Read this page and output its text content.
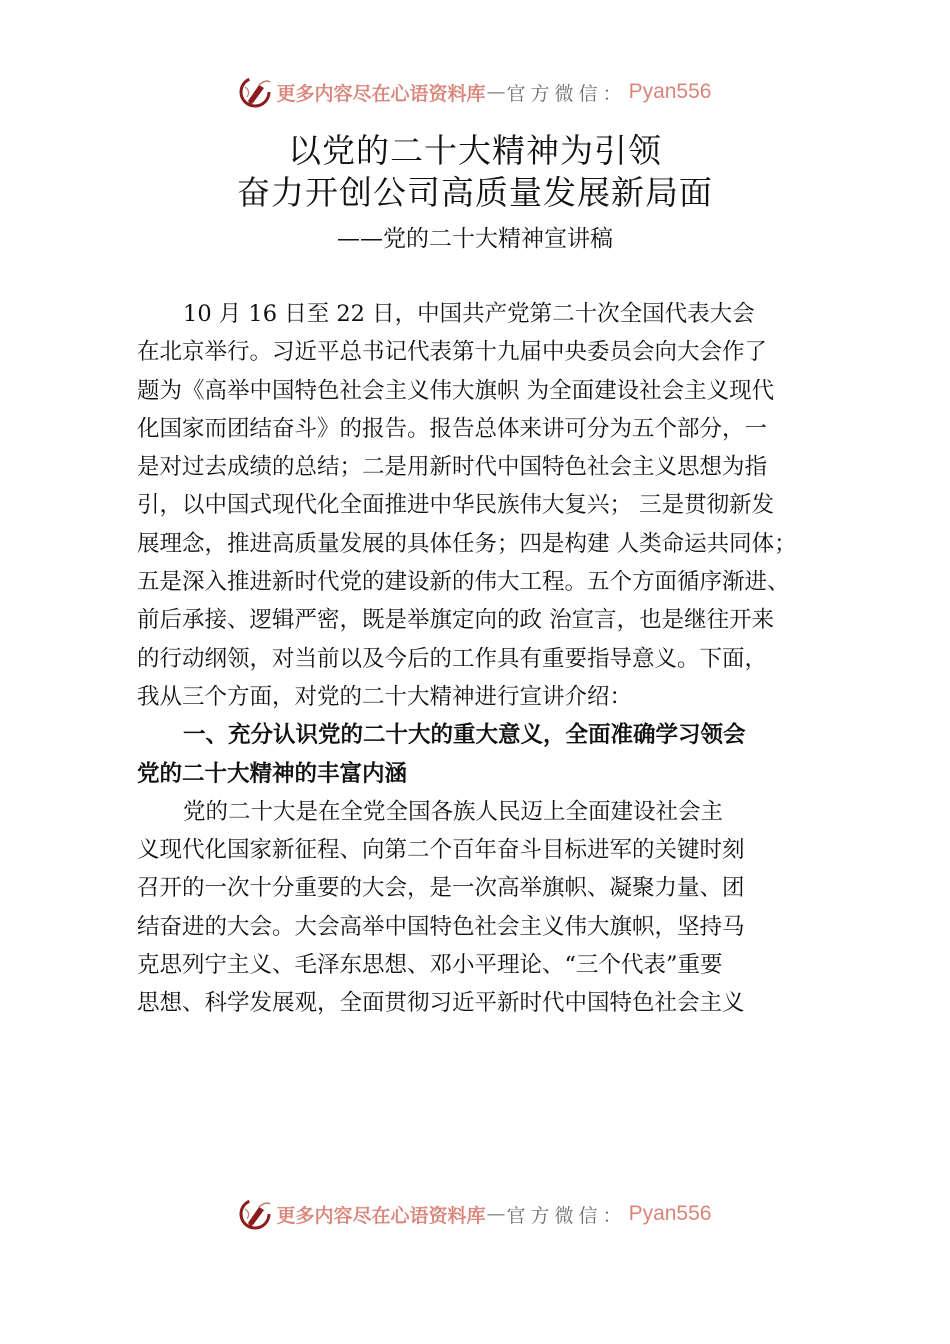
更多内容尽在心语资料库 — 官方微信： Pyan556
以党的二十大精神为引领
奋力开创公司高质量发展新局面
——党的二十大精神宣讲稿

10 月 16 日至 22 日，中国共产党第二十次全国代表大会
在北京举行。习近平总书记代表第十九届中央委员会向大会作了
题为《高举中国特色社会主义伟大旗帜 为全面建设社会主义现代
化国家而团结奋斗》的报告。报告总体来讲可分为五个部分，一
是对过去成绩的总结；二是用新时代中国特色社会主义思想为指
引，以中国式现代化全面推进中华民族伟大复兴； 三是贯彻新发
展理念，推进高质量发展的具体任务；四是构建 人类命运共同体；
五是深入推进新时代党的建设新的伟大工程。五个方面循序渐进、
前后承接、逻辑严密，既是举旗定向的政 治宣言，也是继往开来
的行动纲领，对当前以及今后的工作具有重要指导意义。下面，
我从三个方面，对党的二十大精神进行宣讲介绍：

一、充分认识党的二十大的重大意义，全面准确学习领会
党的二十大精神的丰富内涵

党的二十大是在全党全国各族人民迈上全面建设社会主
义现代化国家新征程、向第二个百年奋斗目标进军的关键时刻
召开的一次十分重要的大会，是一次高举旗帜、凝聚力量、团
结奋进的大会。大会高举中国特色社会主义伟大旗帜，坚持马
克思列宁主义、毛泽东思想、邓小平理论、“三个代表”重要
思想、科学发展观，全面贯彻习近平新时代中国特色社会主义

更多内容尽在心语资料库 — 官方微信： Pyan556
